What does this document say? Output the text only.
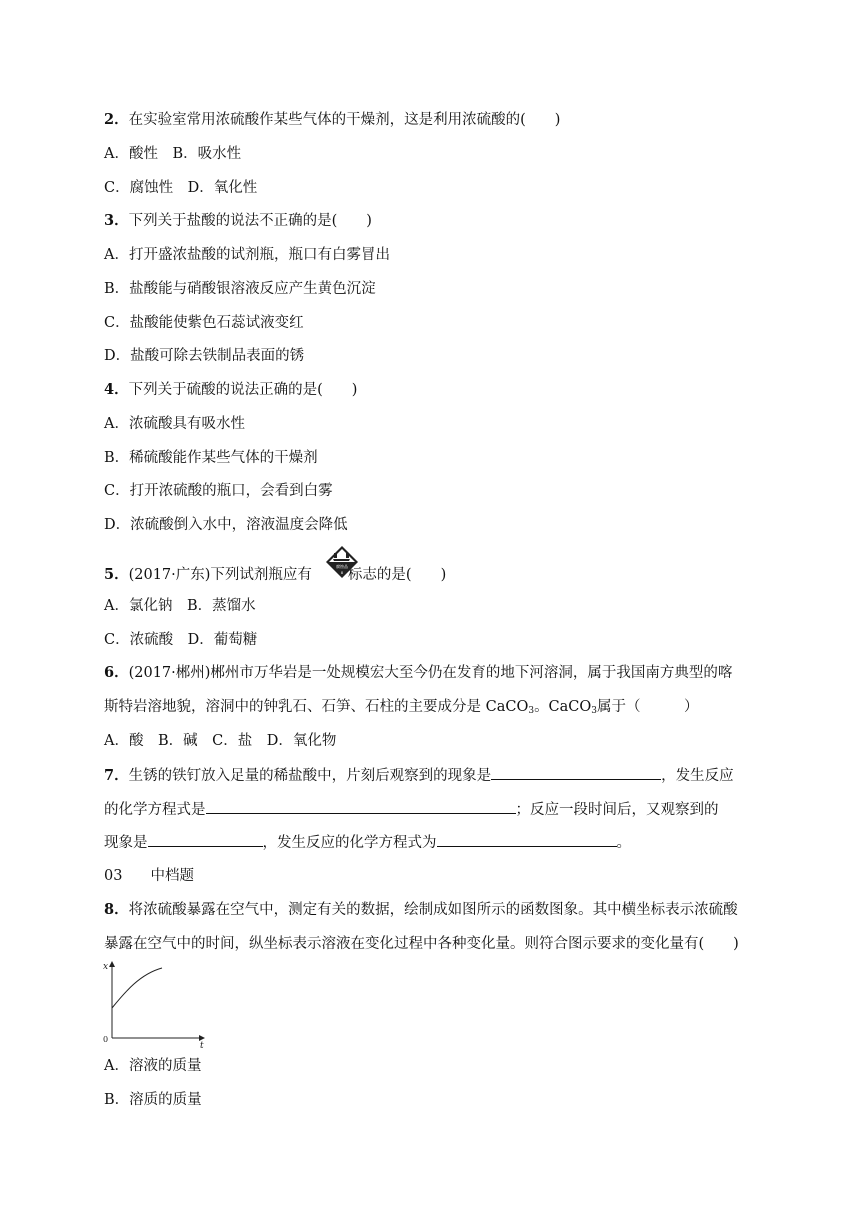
2．在实验室常用浓硫酸作某些气体的干燥剂，这是利用浓硫酸的(　　)
A．酸性　B．吸水性
C．腐蚀性　D．氧化性
3．下列关于盐酸的说法不正确的是(　　)
A．打开盛浓盐酸的试剂瓶，瓶口有白雾冒出
B．盐酸能与硝酸银溶液反应产生黄色沉淀
C．盐酸能使紫色石蕊试液变红
D．盐酸可除去铁制品表面的锈
4．下列关于硫酸的说法正确的是(　　)
A．浓硫酸具有吸水性
B．稀硫酸能作某些气体的干燥剂
C．打开浓硫酸的瓶口，会看到白雾
D．浓硫酸倒入水中，溶液温度会降低
5．(2017·广东)下列试剂瓶应有 标志的是(　　)
腐蚀品
8
A．氯化钠　B．蒸馏水
C．浓硫酸　D．葡萄糖
6．(2017·郴州)郴州市万华岩是一处规模宏大至今仍在发育的地下河溶洞，属于我国南方典型的喀
斯特岩溶地貌，溶洞中的钟乳石、石笋、石柱的主要成分是 CaCO$_3$。CaCO$_3$属于（　　　）
A．酸　B．碱　C．盐　D．氧化物
7．生锈的铁钉放入足量的稀盐酸中，片刻后观察到的现象是	，发生反应
的化学方程式是	；反应一段时间后，又观察到的
现象是	，发生反应的化学方程式为	。
03 中档题
8．将浓硫酸暴露在空气中，测定有关的数据，绘制成如图所示的函数图象。其中横坐标表示浓硫酸
暴露在空气中的时间，纵坐标表示溶液在变化过程中各种变化量。则符合图示要求的变化量有(　　)
x
t
0
A．溶液的质量
B．溶质的质量
